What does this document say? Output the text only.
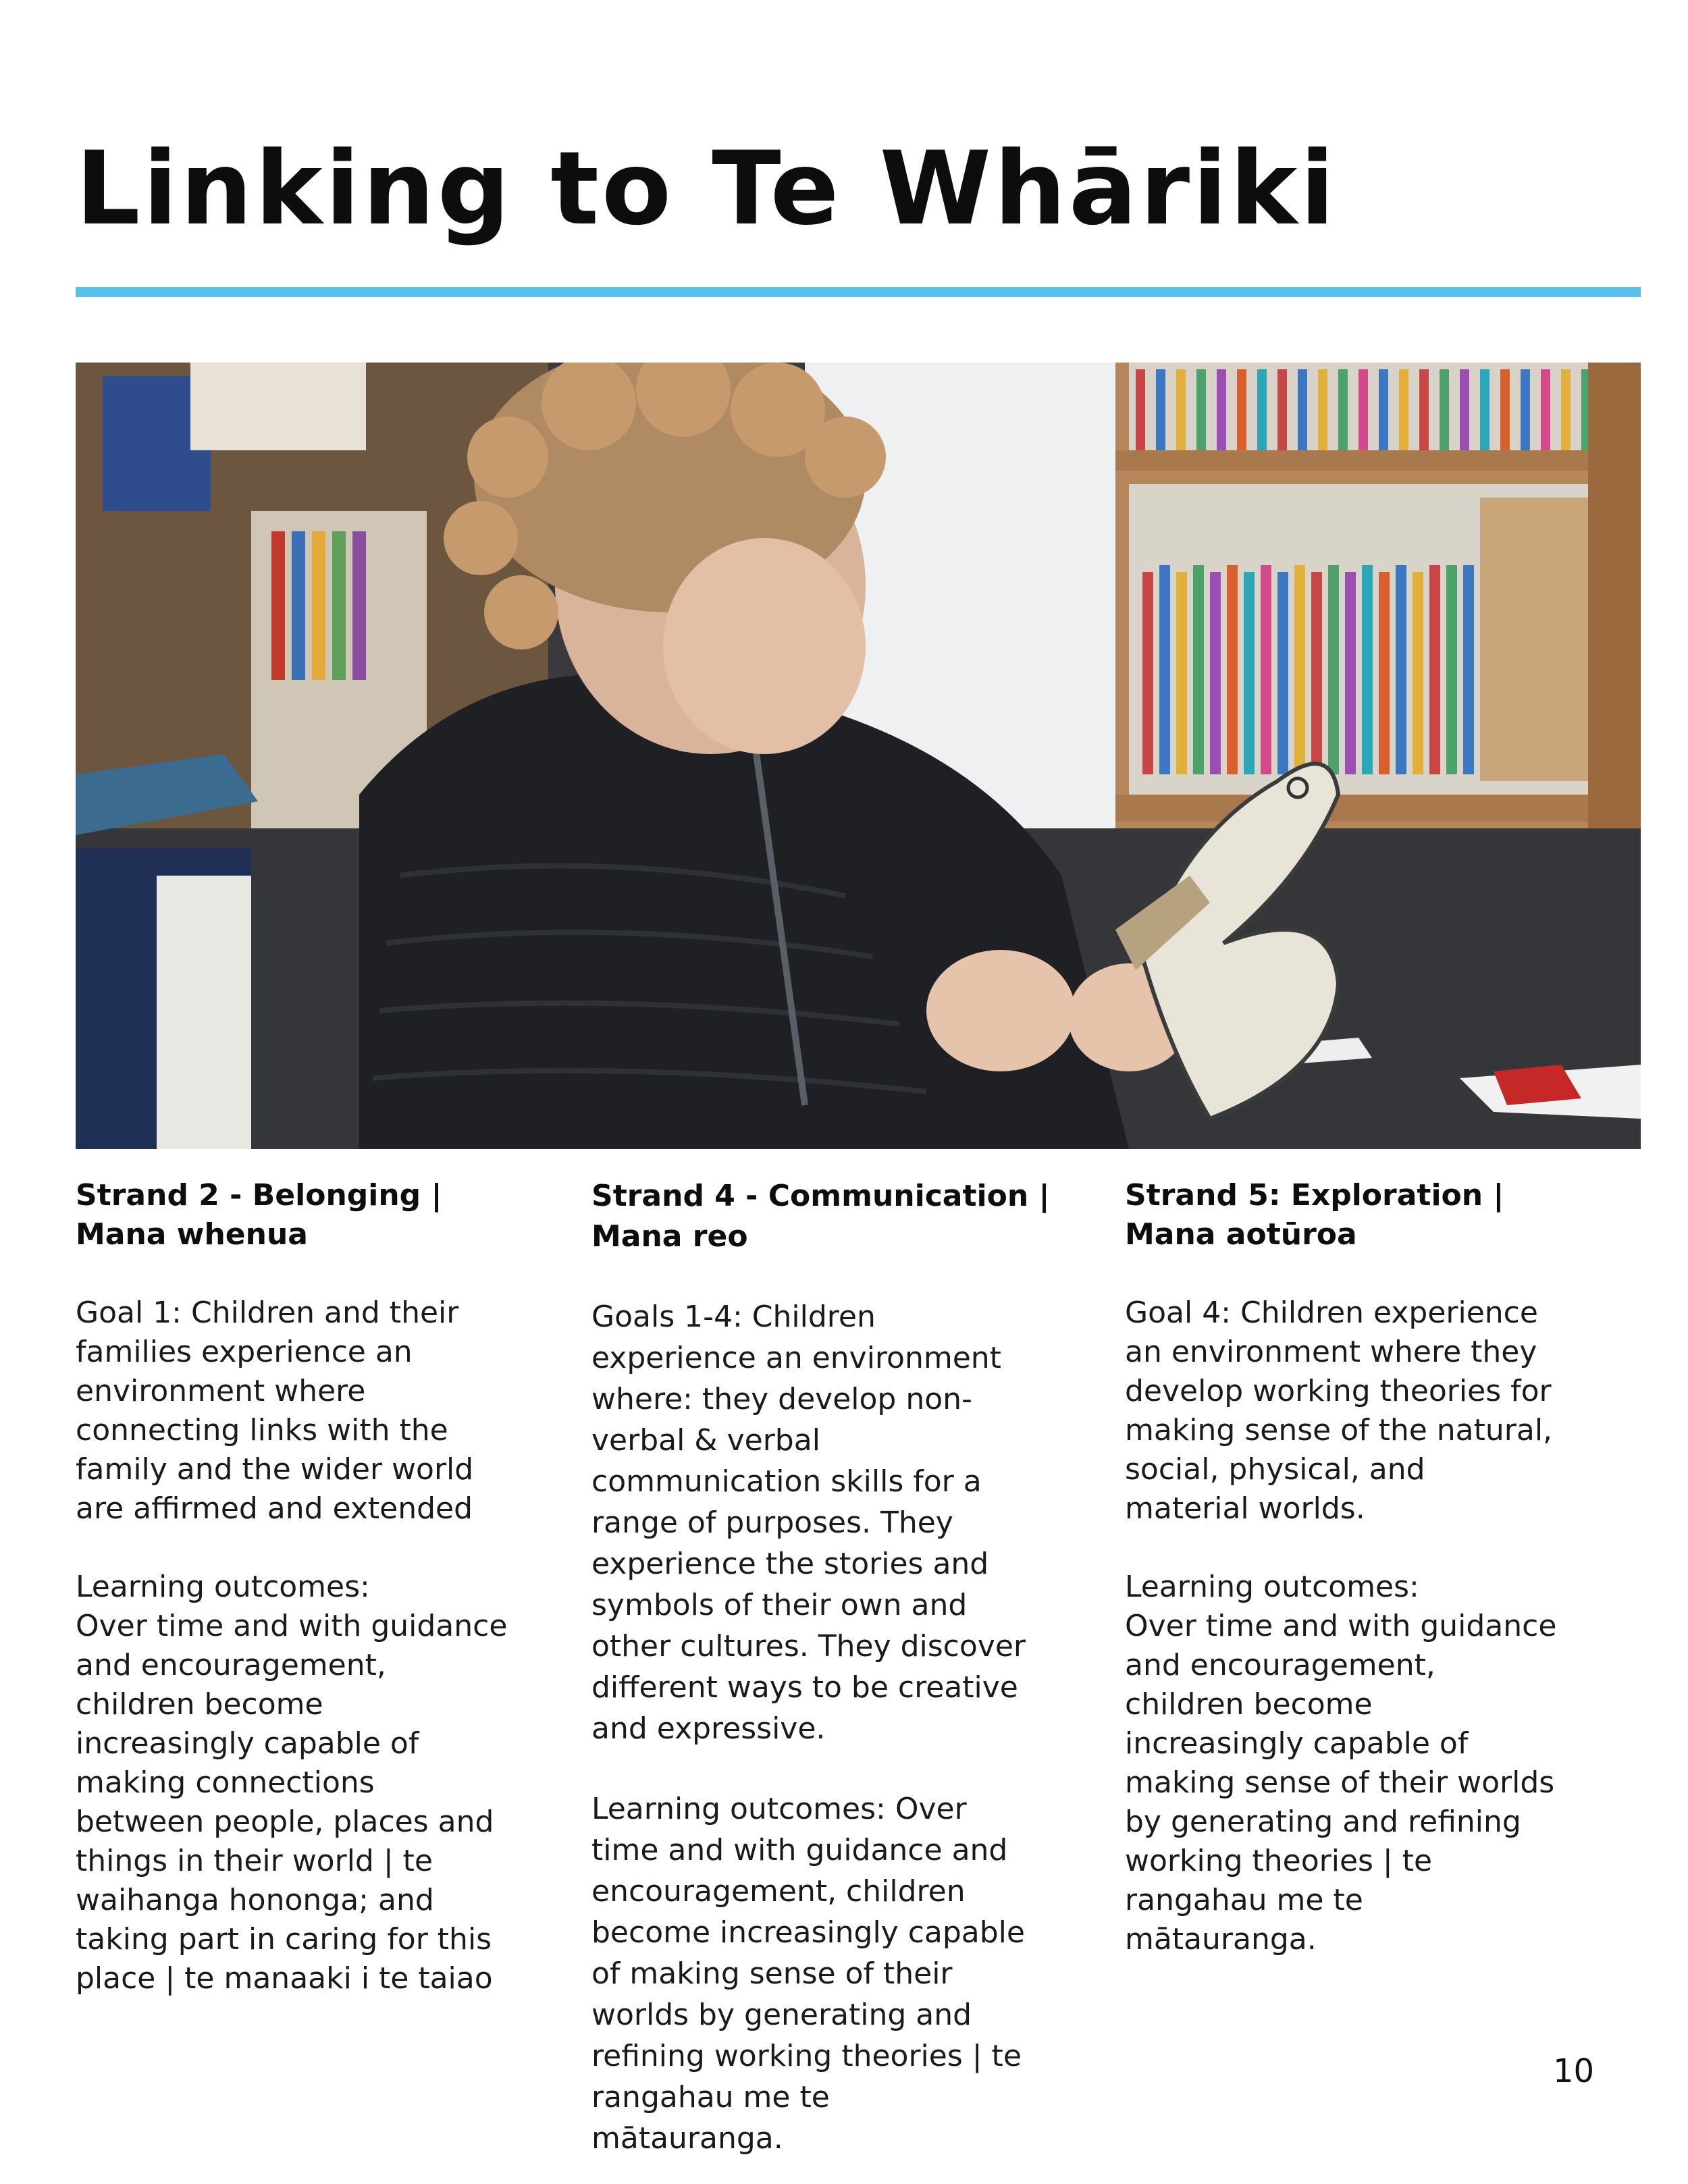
Linking to Te Whāriki
Strand 2 - Belonging |
Mana whenua

Goal 1: Children and their families experience an environment where connecting links with the family and the wider world are affirmed and extended

Learning outcomes:

Over time and with guidance and encouragement, children become increasingly capable of making connections between people, places and things in their world | te waihanga hononga; and

taking part in caring for this place | te manaaki i te taiao

Strand 4 - Communication |
Mana reo

Goals 1-4: Children experience an environment where: they develop non-verbal & verbal communication skills for a range of purposes. They experience the stories and symbols of their own and other cultures. They discover different ways to be creative and expressive.

Learning outcomes: Over time and with guidance and encouragement, children become increasingly capable of making sense of their worlds by generating and refining working theories | te rangahau me te mātauranga.

Strand 5: Exploration |
Mana aotūroa

Goal 4: Children experience an environment where they develop working theories for making sense of the natural, social, physical, and material worlds.

Learning outcomes:

Over time and with guidance and encouragement, children become increasingly capable of making sense of their worlds by generating and refining working theories | te rangahau me te mātauranga.

10
